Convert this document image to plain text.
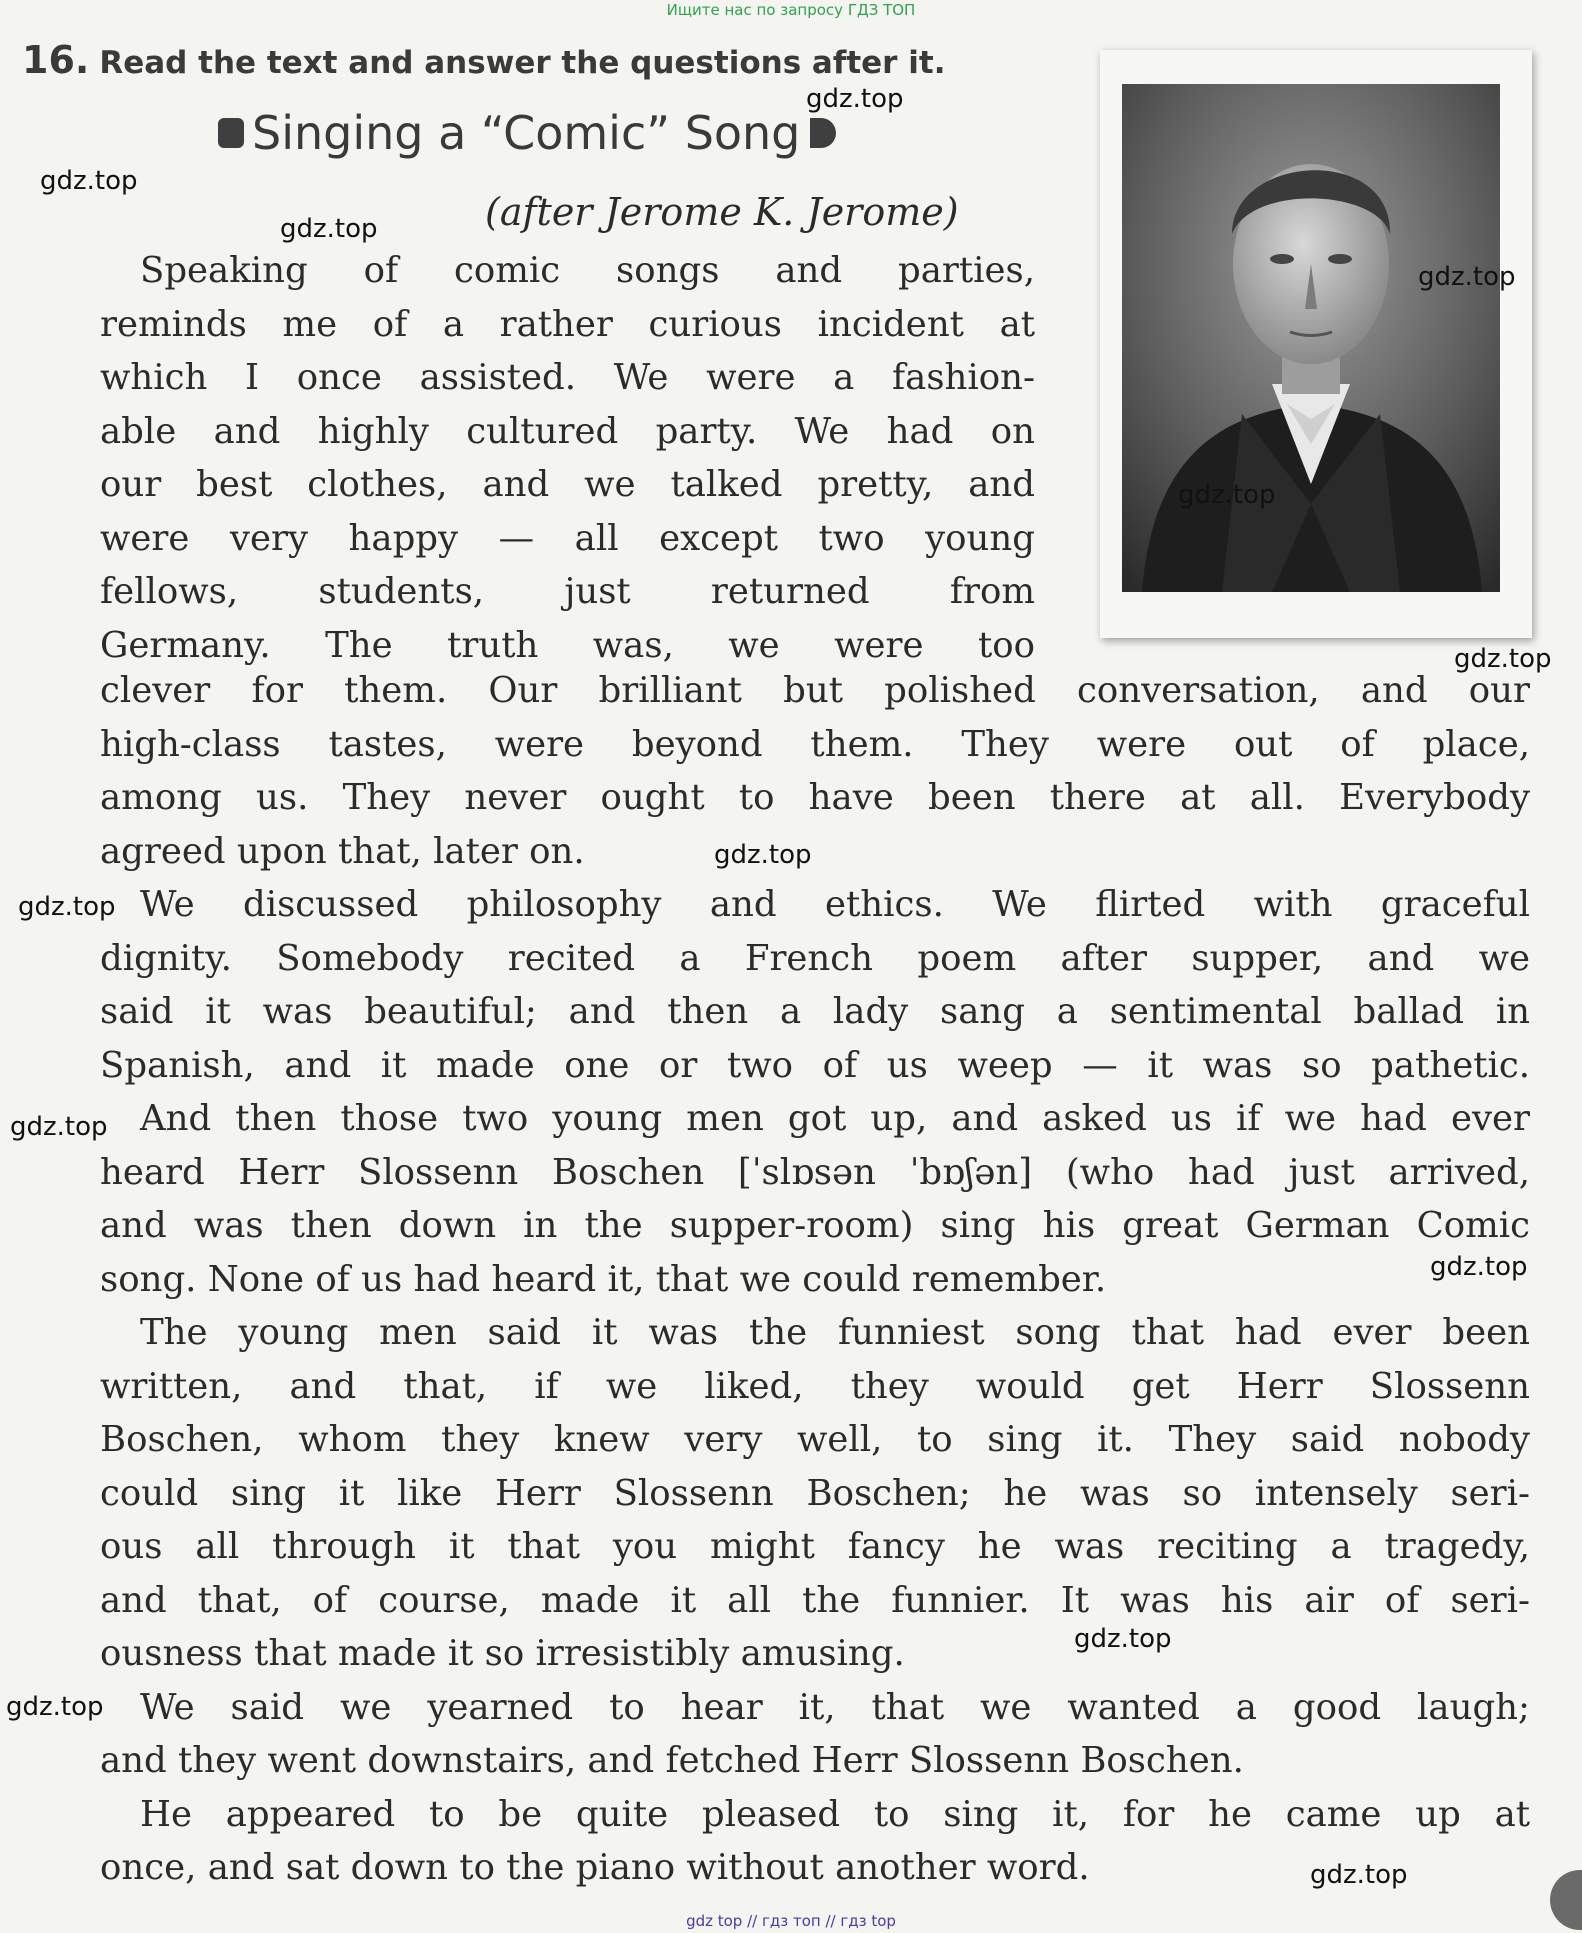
Ищите нас по запросу ГДЗ ТОП
16. Read the text and answer the questions after it.
Singing a “Comic” Song
(after Jerome K. Jerome)
Speaking of comic songs and parties,
reminds me of a rather curious incident at
which I once assisted. We were a fashion-
able and highly cultured party. We had on
our best clothes, and we talked pretty, and
were very happy — all except two young
fellows, students, just returned from
Germany. The truth was, we were too
clever for them. Our brilliant but polished conversation, and our
high-class tastes, were beyond them. They were out of place,
among us. They never ought to have been there at all. Everybody
agreed upon that, later on.
We discussed philosophy and ethics. We flirted with graceful
dignity. Somebody recited a French poem after supper, and we
said it was beautiful; and then a lady sang a sentimental ballad in
Spanish, and it made one or two of us weep — it was so pathetic.
And then those two young men got up, and asked us if we had ever
heard Herr Slossenn Boschen [ˈslɒsən ˈbɒʃən] (who had just arrived,
and was then down in the supper-room) sing his great German Comic
song. None of us had heard it, that we could remember.
The young men said it was the funniest song that had ever been
written, and that, if we liked, they would get Herr Slossenn
Boschen, whom they knew very well, to sing it. They said nobody
could sing it like Herr Slossenn Boschen; he was so intensely seri-
ous all through it that you might fancy he was reciting a tragedy,
and that, of course, made it all the funnier. It was his air of seri-
ousness that made it so irresistibly amusing.
We said we yearned to hear it, that we wanted a good laugh;
and they went downstairs, and fetched Herr Slossenn Boschen.
He appeared to be quite pleased to sing it, for he came up at
once, and sat down to the piano without another word.
gdz.top
gdz.top
gdz.top
gdz.top
gdz.top
gdz.top
gdz.top
gdz.top
gdz.top
gdz.top
gdz.top
gdz.top
gdz.top
gdz top // гдз топ // гдз top
